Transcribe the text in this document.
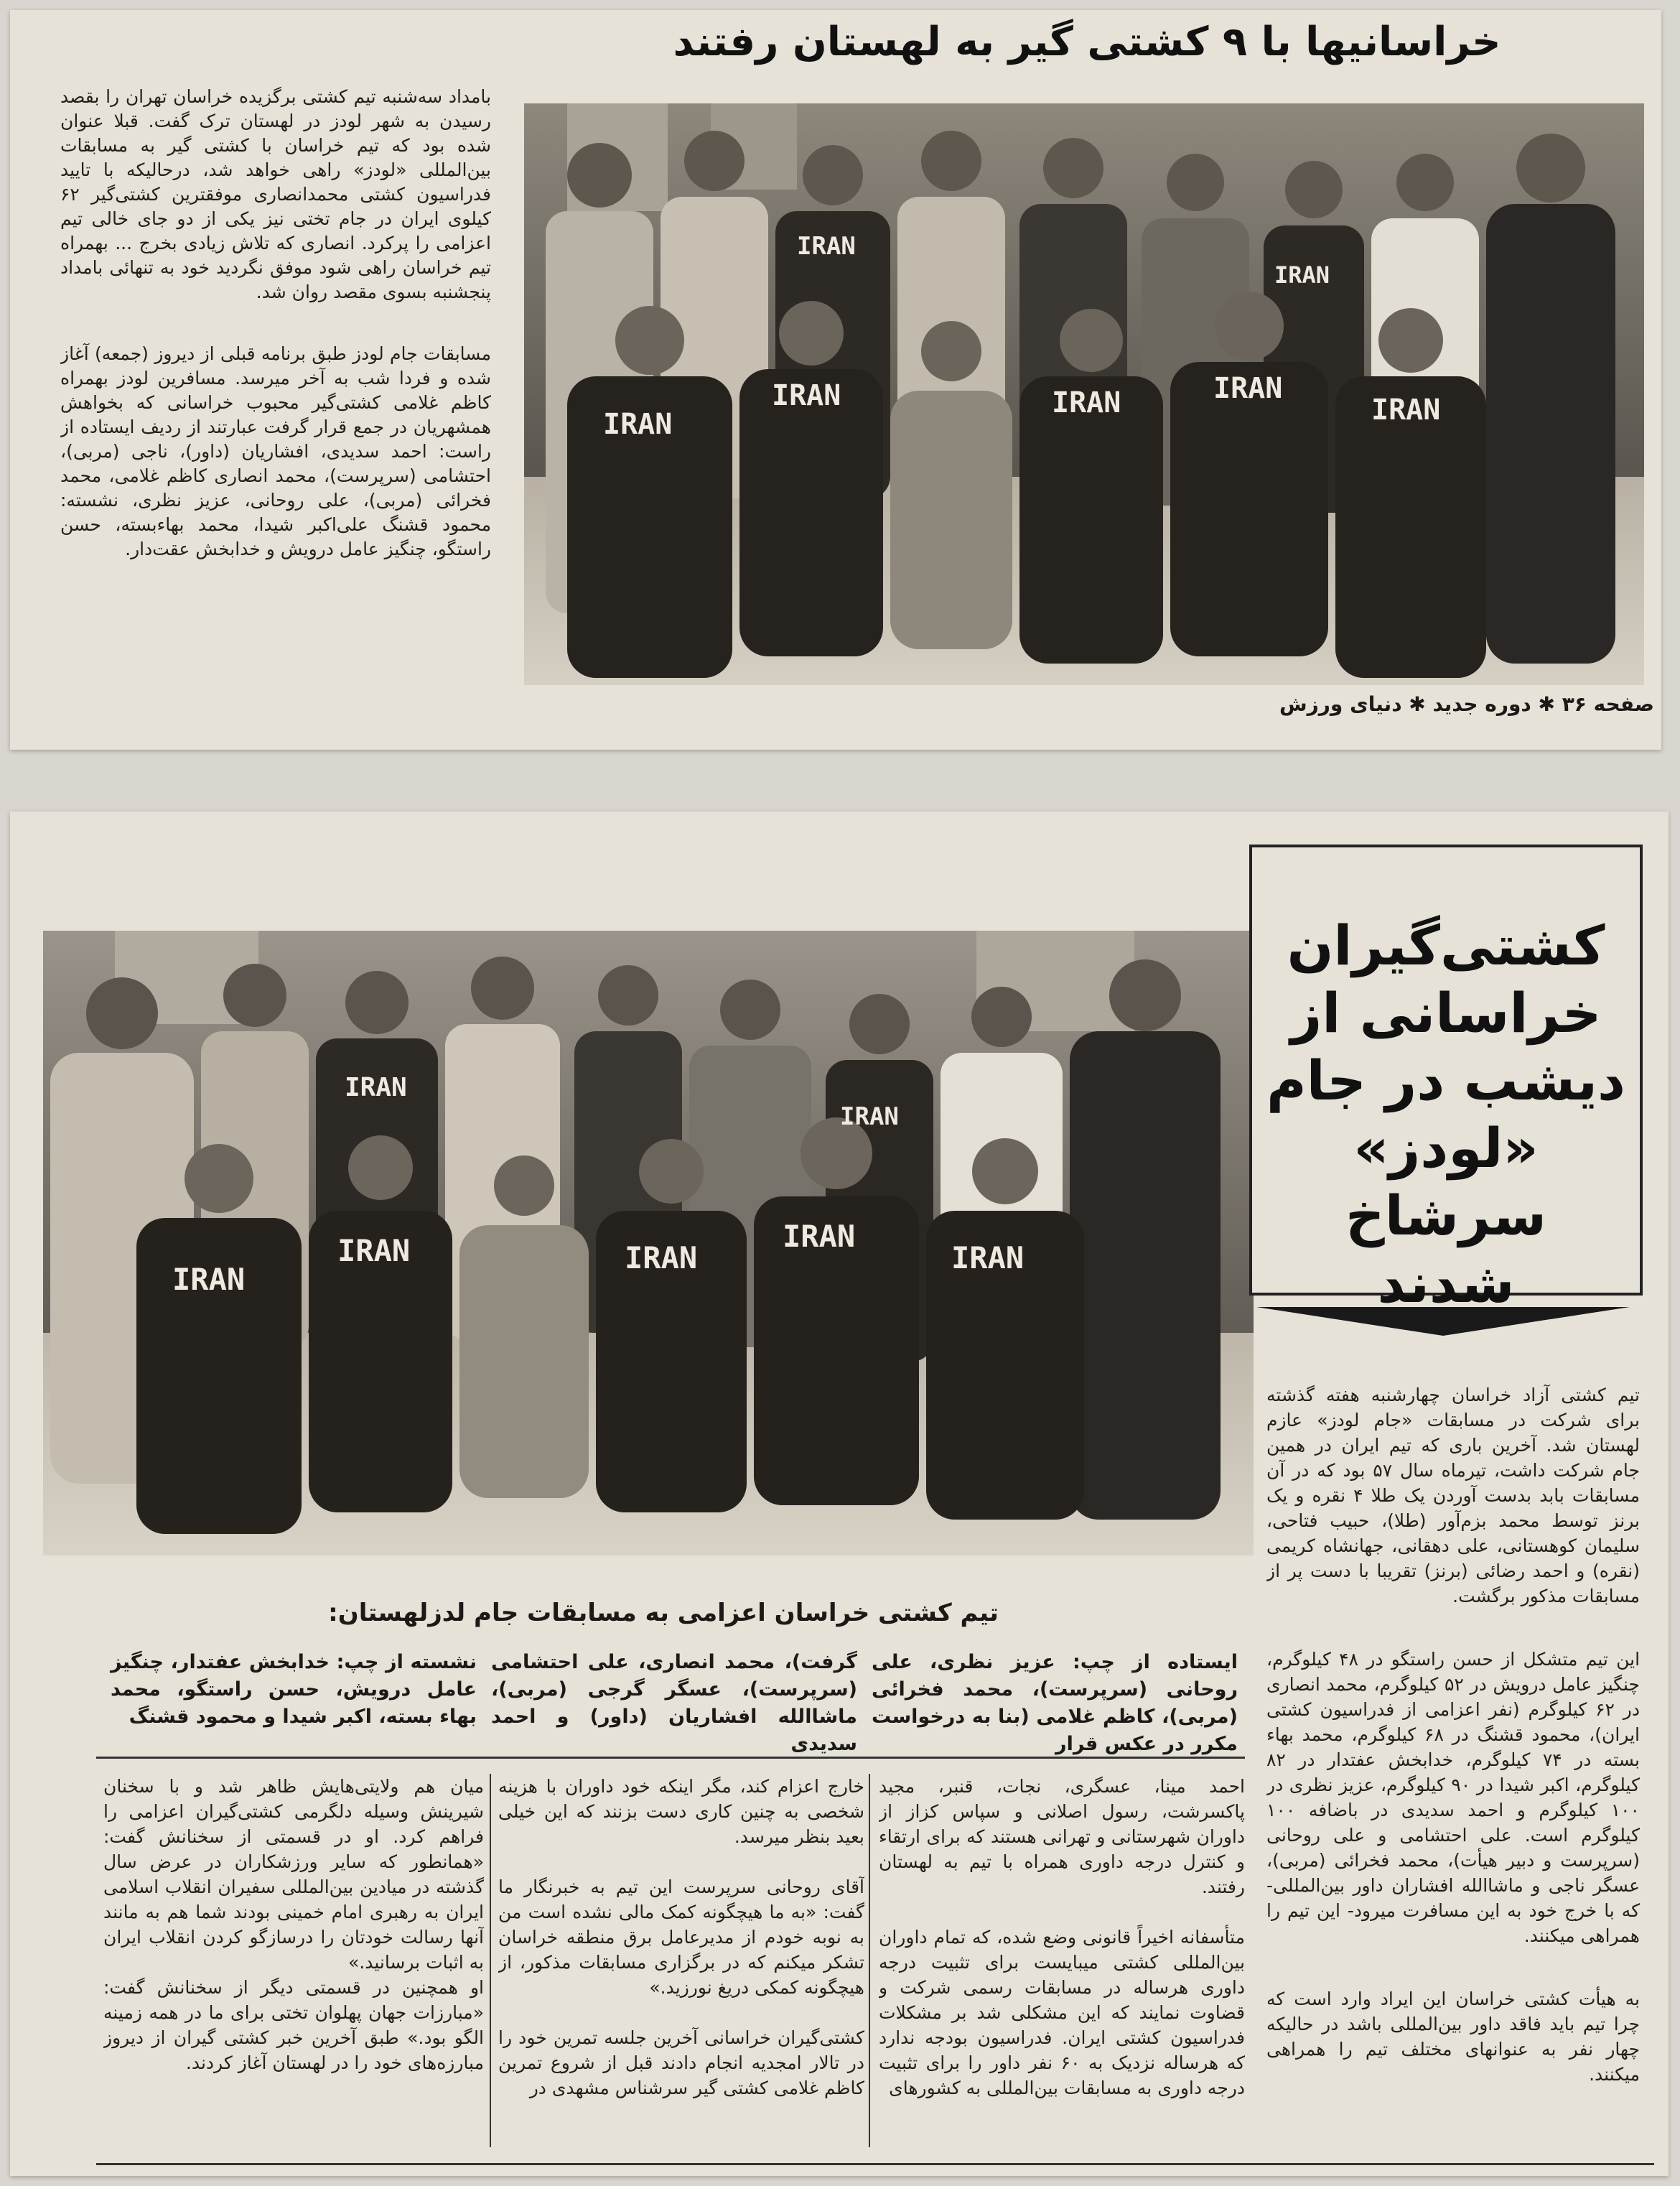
خراسانیها با ۹ کشتی گیر به لهستان رفتند

بامداد سه‌شنبه تیم کشتی برگزیده خراسان تهران را بقصد رسیدن به شهر لودز در لهستان ترک گفت. قبلا عنوان شده بود که تیم خراسان با کشتی گیر به مسابقات بین‌المللی «لودز» راهی خواهد شد، درحالیکه با تایید فدراسیون کشتی محمدانصاری موفقترین کشتی‌گیر ۶۲ کیلوی ایران در جام تختی نیز یکی از دو جای خالی تیم اعزامی را پرکرد. انصاری که تلاش زیادی بخرج ... بهمراه تیم خراسان راهی شود موفق نگردید خود به تنهائی بامداد پنجشنبه بسوی مقصد روان شد.

مسابقات جام لودز طبق برنامه قبلی از دیروز (جمعه) آغاز شده و فردا شب به آخر میرسد. مسافرین لودز بهمراه کاظم غلامی کشتی‌گیر محبوب خراسانی که بخواهش همشهریان در جمع قرار گرفت عبارتند از ردیف ایستاده از راست: احمد سدیدی، افشاریان (داور)، ناجی (مربی)، احتشامی (سرپرست)، محمد انصاری کاظم غلامی، محمد فخرائی (مربی)، علی روحانی، عزیز نظری، نشسته: محمود قشنگ علی‌اکبر شیدا، محمد بهاءبسته، حسن راستگو، چنگیز عامل درویش و خدابخش عقت‌دار.

IRAN
IRAN	IRAN	IRAN
IRAN
IRAN
IRAN
صفحه ۳۶ ✱ دوره جدید ✱ دنیای ورزش
IRAN
IRAN	IRAN
IRAN
IRAN
IRAN
IRAN
کشتی‌گیران
خراسانی از
دیشب در جام
«لودز» سرشاخ
شدند

تیم کشتی آزاد خراسان چهارشنبه هفته گذشته برای شرکت در مسابقات «جام لودز» عازم لهستان شد. آخرین باری که تیم ایران در همین جام شرکت داشت، تیرماه سال ۵۷ بود که در آن مسابقات بابد بدست آوردن یک طلا ۴ نقره و یک برنز توسط محمد بزم‌آور (طلا)، حبیب فتاحی، سلیمان کوهستانی، علی دهقانی، جهانشاه کریمی (نقره) و احمد رضائی (برنز) تقریبا با دست پر از مسابقات مذکور برگشت.

این تیم متشکل از حسن راستگو در ۴۸ کیلوگرم، چنگیز عامل درویش در ۵۲ کیلوگرم، محمد انصاری در ۶۲ کیلوگرم (نفر اعزامی از فدراسیون کشتی ایران)، محمود قشنگ در ۶۸ کیلوگرم، محمد بهاء بسته در ۷۴ کیلوگرم، خدابخش عفتدار در ۸۲ کیلوگرم، اکبر شیدا در ۹۰ کیلوگرم، عزیز نظری در ۱۰۰ کیلوگرم و احمد سدیدی در باضافه ۱۰۰ کیلوگرم است. علی احتشامی و علی روحانی (سرپرست و دبیر هیأت)، محمد فخرائی (مربی)، عسگر ناجی و ماشاالله افشاران داور بین‌المللی- که با خرج خود به این مسافرت میرود- این تیم را همراهی میکنند.

به هیأت کشتی خراسان این ایراد وارد است که چرا تیم باید فاقد داور بین‌المللی باشد در حالیکه چهار نفر به عنوانهای مختلف تیم را همراهی میکنند.

تیم کشتی خراسان اعزامی به مسابقات جام لدزلهستان:
ایستاده از چپ: عزیز نظری، علی روحانی (سرپرست)، محمد فخرائی (مربی)، کاظم غلامی (بنا به درخواست مکرر در عکس قرار
گرفت)، محمد انصاری، علی احتشامی (سرپرست)، عسگر گرجی (مربی)، ماشاالله افشاریان (داور) و احمد سدیدی
نشسته از چپ: خدابخش عفتدار، چنگیز عامل درویش، حسن راستگو، محمد بهاء بسته، اکبر شیدا و محمود قشنگ
احمد مینا، عسگری، نجات، قنبر، مجید پاکسرشت، رسول اصلانی و سپاس کزاز از داوران شهرستانی و تهرانی هستند که برای ارتقاء و کنترل درجه داوری همراه با تیم به لهستان رفتند.

متأسفانه اخیراً قانونی وضع شده، که تمام داوران بین‌المللی کشتی میبایست برای تثبیت درجه داوری هرساله در مسابقات رسمی شرکت و قضاوت نمایند که این مشکلی شد بر مشکلات فدراسیون کشتی ایران. فدراسیون بودجه ندارد که هرساله نزدیک به ۶۰ نفر داور را برای تثبیت درجه داوری به مسابقات بین‌المللی به کشورهای
خارج اعزام کند، مگر اینکه خود داوران با هزینه شخصی به چنین کاری دست بزنند که این خیلی بعید بنظر میرسد.

آقای روحانی سرپرست این تیم به خبرنگار ما گفت: «به ما هیچگونه کمک مالی نشده است من به نوبه خودم از مدیرعامل برق منطقه خراسان تشکر میکنم که در برگزاری مسابقات مذکور، از هیچگونه کمکی دریغ نورزید.»

کشتی‌گیران خراسانی آخرین جلسه تمرین خود را در تالار امجدیه انجام دادند قبل از شروع تمرین کاظم غلامی کشتی گیر سرشناس مشهدی در
میان هم ولایتی‌هایش ظاهر شد و با سخنان شیرینش وسیله دلگرمی کشتی‌گیران اعزامی را فراهم کرد. او در قسمتی از سخنانش گفت: «همانطور که سایر ورزشکاران در عرض سال گذشته در میادین بین‌المللی سفیران انقلاب اسلامی ایران به رهبری امام خمینی بودند شما هم به مانند آنها رسالت خودتان را درسازگو کردن انقلاب ایران به اثبات برسانید.»
او همچنین در قسمتی دیگر از سخنانش گفت: «مبارزات جهان پهلوان تختی برای ما در همه زمینه الگو بود.» طبق آخرین خبر کشتی گیران از دیروز مبارزه‌های خود را در لهستان آغاز کردند.
